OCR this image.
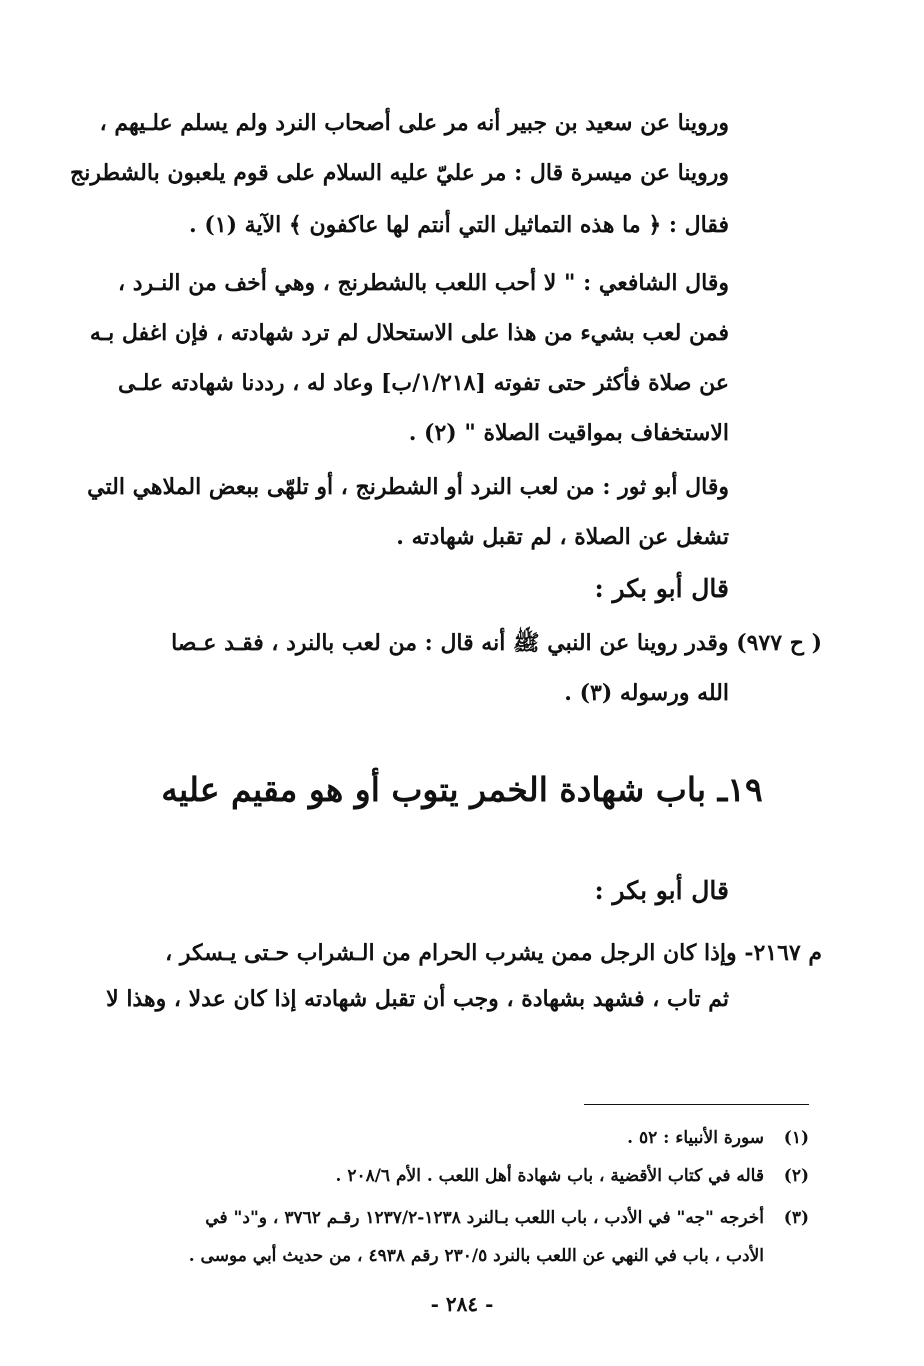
وروينا عن سعيد بن جبير أنه مر على أصحاب النرد ولم يسلم علـيهم ،
وروينا عن ميسرة قال : مر عليّ عليه السلام على قوم يلعبون بالشطرنج
فقال : ﴿ ما هذه التماثيل التي أنتم لها عاكفون ﴾ الآية (١) .
وقال الشافعي : " لا أحب اللعب بالشطرنج ، وهي أخف من النـرد ،
فمن لعب بشيء من هذا على الاستحلال لم ترد شهادته ، فإن اغفل بـه
عن صلاة فأكثر حتى تفوته [١/٢١٨/ب] وعاد له ، رددنا شهادته علـى
الاستخفاف بمواقيت الصلاة " (٢) .
وقال أبو ثور : من لعب النرد أو الشطرنج ، أو تلهّى ببعض الملاهي التي
تشغل عن الصلاة ، لم تقبل شهادته .
قال أبو بكر :
( ح ٩٧٧) وقدر روينا عن النبي ﷺ أنه قال : من لعب بالنرد ، فقـد عـصا
الله ورسوله (٣) .
١٩ـ باب شهادة الخمر يتوب أو هو مقيم عليه
قال أبو بكر :
م ٢١٦٧- وإذا كان الرجل ممن يشرب الحرام من الـشراب حـتى يـسكر ،
ثم تاب ، فشهد بشهادة ، وجب أن تقبل شهادته إذا كان عدلا ، وهذا لا
(١)
سورة الأنبياء : ٥٢ .
(٢)
قاله في كتاب الأقضية ، باب شهادة أهل اللعب . الأم ٢٠٨/٦ .
(٣)
أخرجه "جه" في الأدب ، باب اللعب بـالنرد ١٢٣٨-١٢٣٧/٢ رقـم ٣٧٦٢ ، و"د" في
الأدب ، باب في النهي عن اللعب بالنرد ٢٣٠/٥ رقم ٤٩٣٨ ، من حديث أبي موسى .
- ٢٨٤ -
